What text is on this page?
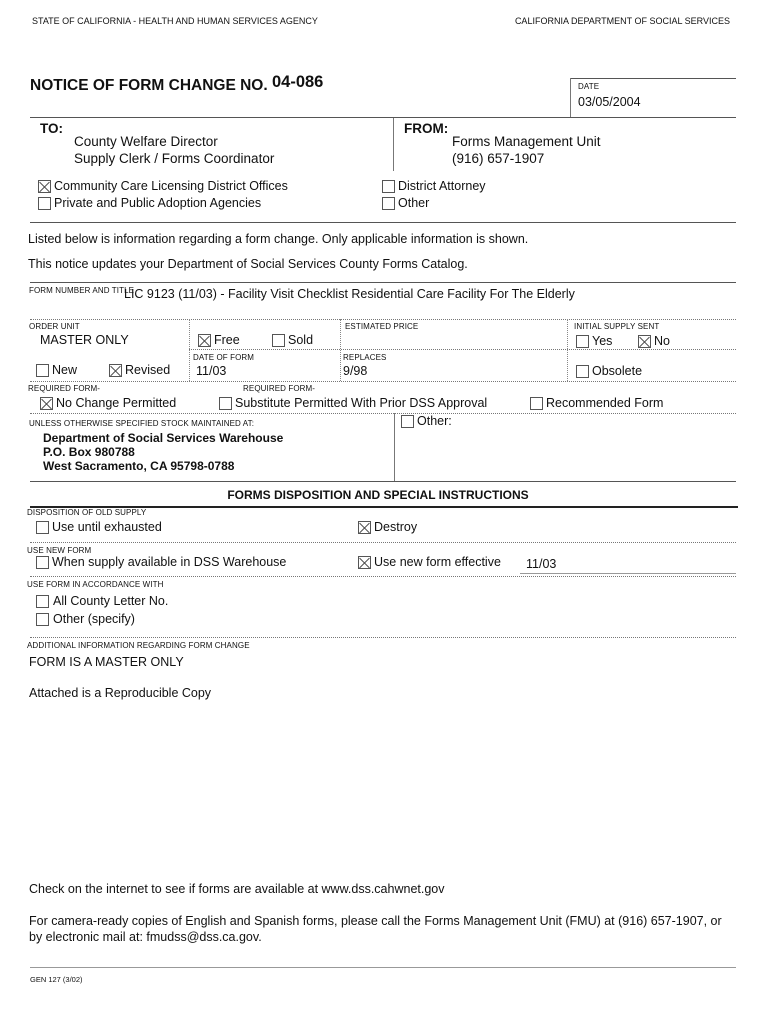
STATE OF CALIFORNIA - HEALTH AND HUMAN SERVICES AGENCY	CALIFORNIA DEPARTMENT OF SOCIAL SERVICES
NOTICE OF FORM CHANGE NO. 04-086	DATE
03/05/2004
TO:
County Welfare Director
Supply Clerk / Forms Coordinator
FROM:
Forms Management Unit
(916) 657-1907
Community Care Licensing District Offices
Private and Public Adoption Agencies
District Attorney
Other
Listed below is information regarding a form change. Only applicable information is shown.
This notice updates your Department of Social Services County Forms Catalog.
FORM NUMBER AND TITLE
LIC 9123 (11/03) - Facility Visit Checklist Residential Care Facility For The Elderly
ORDER UNIT
MASTER ONLY	Free	Sold
ESTIMATED PRICE	INITIAL SUPPLY SENT
Yes	No
New	Revised
DATE OF FORM
11/03
REPLACES
9/98	Obsolete
REQUIRED FORM-	REQUIRED FORM-
No Change Permitted	Substitute Permitted With Prior DSS Approval	Recommended Form
UNLESS OTHERWISE SPECIFIED STOCK MAINTAINED AT:
Department of Social Services Warehouse
P.O. Box 980788
West Sacramento, CA 95798-0788
Other:
FORMS DISPOSITION AND SPECIAL INSTRUCTIONS
DISPOSITION OF OLD SUPPLY
Use until exhausted	Destroy
USE NEW FORM
When supply available in DSS Warehouse	Use new form effective 11/03
USE FORM IN ACCORDANCE WITH
All County Letter No.
Other (specify)
ADDITIONAL INFORMATION REGARDING FORM CHANGE
FORM IS A MASTER ONLY
Attached is a Reproducible Copy
Check on the internet to see if forms are available at www.dss.cahwnet.gov
For camera-ready copies of English and Spanish forms, please call the Forms Management Unit (FMU) at (916) 657-1907, or
by electronic mail at: fmudss@dss.ca.gov.
GEN 127 (3/02)
